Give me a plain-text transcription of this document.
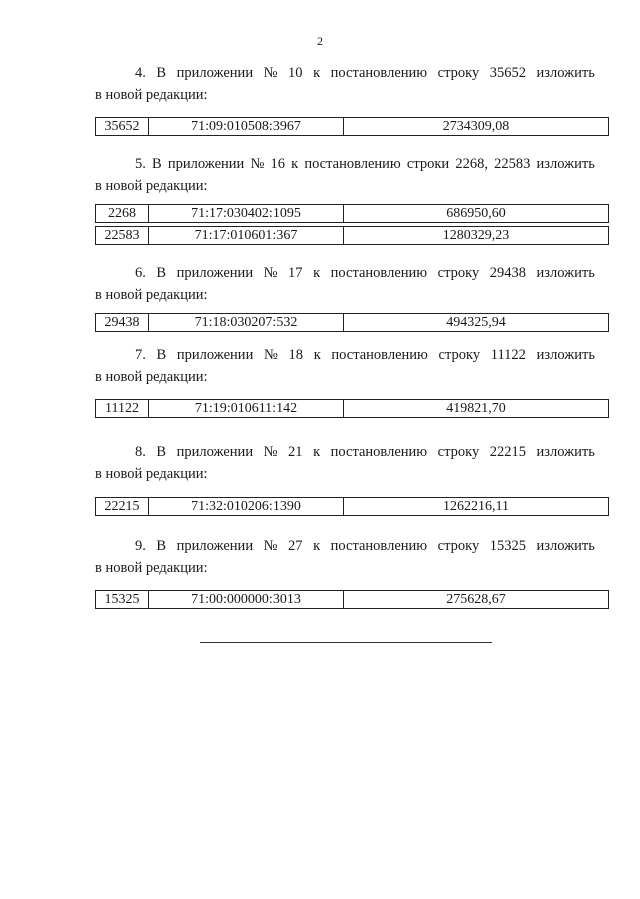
2
4. В приложении № 10 к постановлению строку 35652 изложить
в новой редакции:
35652	71:09:010508:3967	2734309,08
5. В приложении № 16 к постановлению строки 2268, 22583 изложить
в новой редакции:
2268	71:17:030402:1095	686950,60
22583	71:17:010601:367	1280329,23
6. В приложении № 17 к постановлению строку 29438 изложить
в новой редакции:
29438	71:18:030207:532	494325,94
7. В приложении № 18 к постановлению строку 11122 изложить
в новой редакции:
11122	71:19:010611:142	419821,70
8. В приложении № 21 к постановлению строку 22215 изложить
в новой редакции:
22215	71:32:010206:1390	1262216,11
9. В приложении № 27 к постановлению строку 15325 изложить
в новой редакции:
15325	71:00:000000:3013	275628,67
